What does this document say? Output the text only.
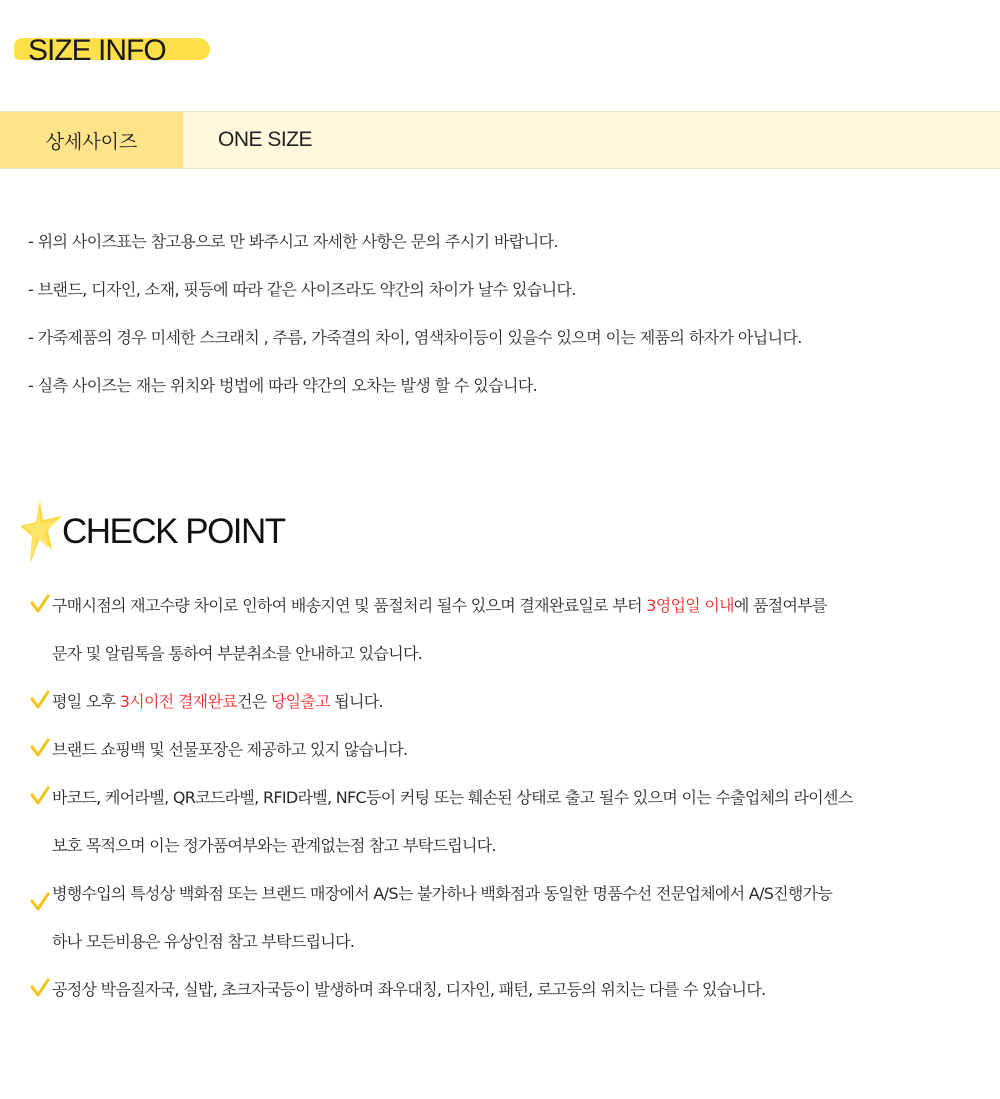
SIZE INFO
상세사이즈	ONE SIZE
- 위의 사이즈표는 참고용으로 만 봐주시고 자세한 사항은 문의 주시기 바랍니다.
- 브랜드, 디자인, 소재, 핏등에 따라 같은 사이즈라도 약간의 차이가 날수 있습니다.
- 가죽제품의 경우 미세한 스크래치 , 주름, 가죽결의 차이, 염색차이등이 있을수 있으며 이는 제품의 하자가 아닙니다.
- 실측 사이즈는 재는 위치와 벙법에 따라 약간의 오차는 발생 할 수 있습니다.
CHECK POINT
구매시점의 재고수량 차이로 인하여 배송지연 및 품절처리 될수 있으며 결재완료일로 부터 3영업일 이내에 품절여부를
문자 및 알림톡을 통하여 부분취소를 안내하고 있습니다.
평일 오후 3시이전 결재완료건은 당일출고 됩니다.
브랜드 쇼핑백 및 선물포장은 제공하고 있지 않습니다.
바코드, 케어라벨, QR코드라벨, RFID라벨, NFC등이 커팅 또는 훼손된 상태로 출고 될수 있으며 이는 수출업체의 라이센스
보호 목적으며 이는 정가품여부와는 관계없는점 참고 부탁드립니다.
병행수입의 특성상 백화점 또는 브랜드 매장에서 A/S는 불가하나 백화점과 동일한 명품수선 전문업체에서 A/S진행가능
하나 모든비용은 유상인점 참고 부탁드립니다.
공정상 박음질자국, 실밥, 초크자국등이 발생하며 좌우대칭, 디자인, 패턴, 로고등의 위치는 다를 수 있습니다.
